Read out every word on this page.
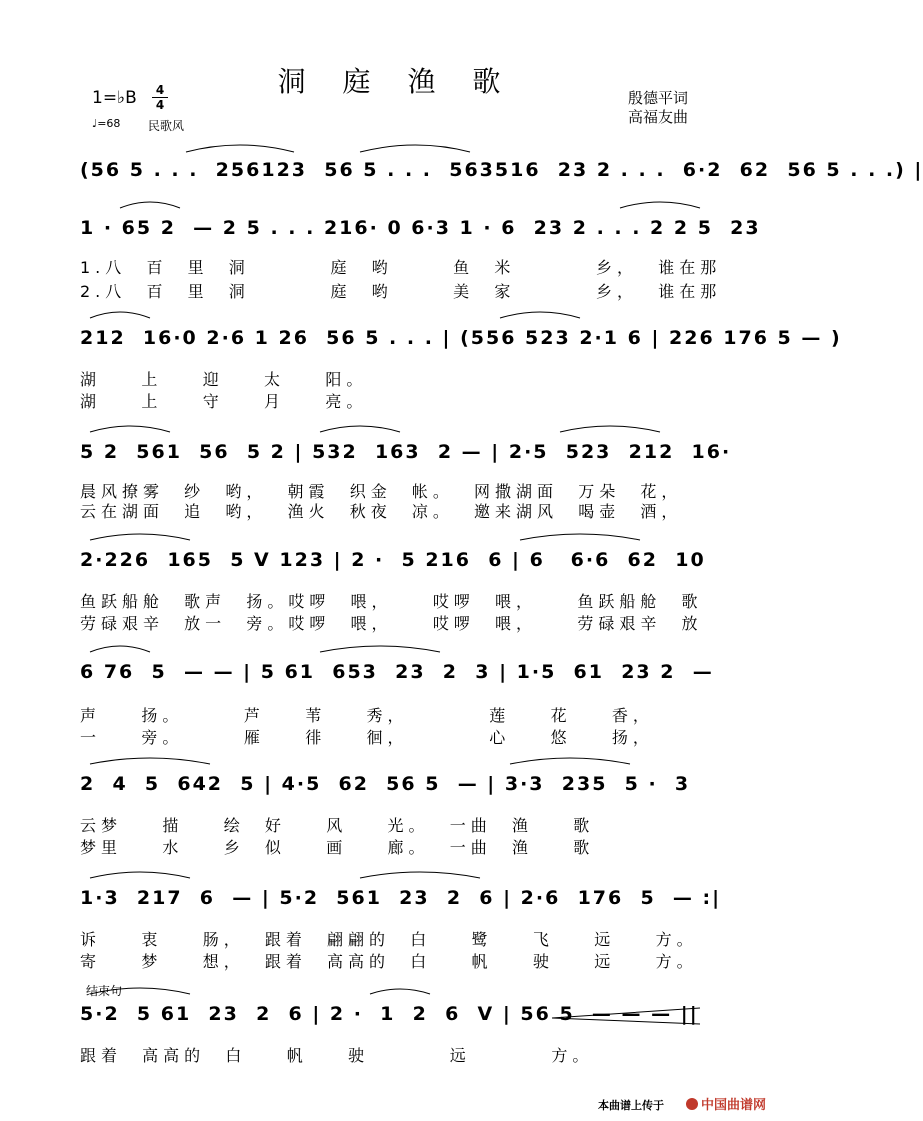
洞 庭 渔 歌
1=♭B	4
4
♩=68 民歌风
殷德平词
高福友曲
(56 5 . . .  256123  56 5 . . .  563516  23 2 . . .  6·2  62  56 5 . . .) |
1 · 65 2  — 2 5 . . . 216· 0 6·3 1 · 6  23 2 . . . 2 2 5  23
1.八  百  里  洞        庭  哟      鱼  米        乡，  谁在那
2.八  百  里  洞        庭  哟      美  家        乡，  谁在那
212  16·0 2·6 1 26  56 5 . . . | (556 523 2·1 6 | 226 176 5 — )
湖    上    迎    太    阳。
湖    上    守    月    亮。
5 2  561  56  5 2 | 532  163  2 — | 2·5  523  212  16·
晨风撩雾  纱  哟，  朝霞  织金  帐。  网撒湖面  万朵  花，
云在湖面  追  哟，  渔火  秋夜  凉。  邀来湖风  喝壶  酒，
2·226  165  5 V 123 | 2 ·  5 216  6 | 6   6·6  62  10
鱼跃船舱  歌声  扬。哎啰  喂，    哎啰  喂，    鱼跃船舱  歌
劳碌艰辛  放一  旁。哎啰  喂，    哎啰  喂，    劳碌艰辛  放
6 76  5  — — | 5 61  653  23  2  3 | 1·5  61  23 2  —
声    扬。      芦    苇    秀，        莲    花    香，
一    旁。      雁    徘    徊，        心    悠    扬，
2  4  5  642  5 | 4·5  62  56 5  — | 3·3  235  5 ·  3
云梦    描    绘  好    风    光。  一曲  渔    歌
梦里    水    乡  似    画    廊。  一曲  渔    歌
1·3  217  6  — | 5·2  561  23  2  6 | 2·6  176  5  — :|
诉    衷    肠，  跟着  翩翩的  白    鹭    飞    远    方。
寄    梦    想，  跟着  高高的  白    帆    驶    远    方。
结束句
5·2  5 61  23  2  6 | 2 ·  1  2  6  V | 56 5  — — — ||
跟着  高高的  白    帆    驶        远        方。
本曲谱上传于	中国曲谱网
